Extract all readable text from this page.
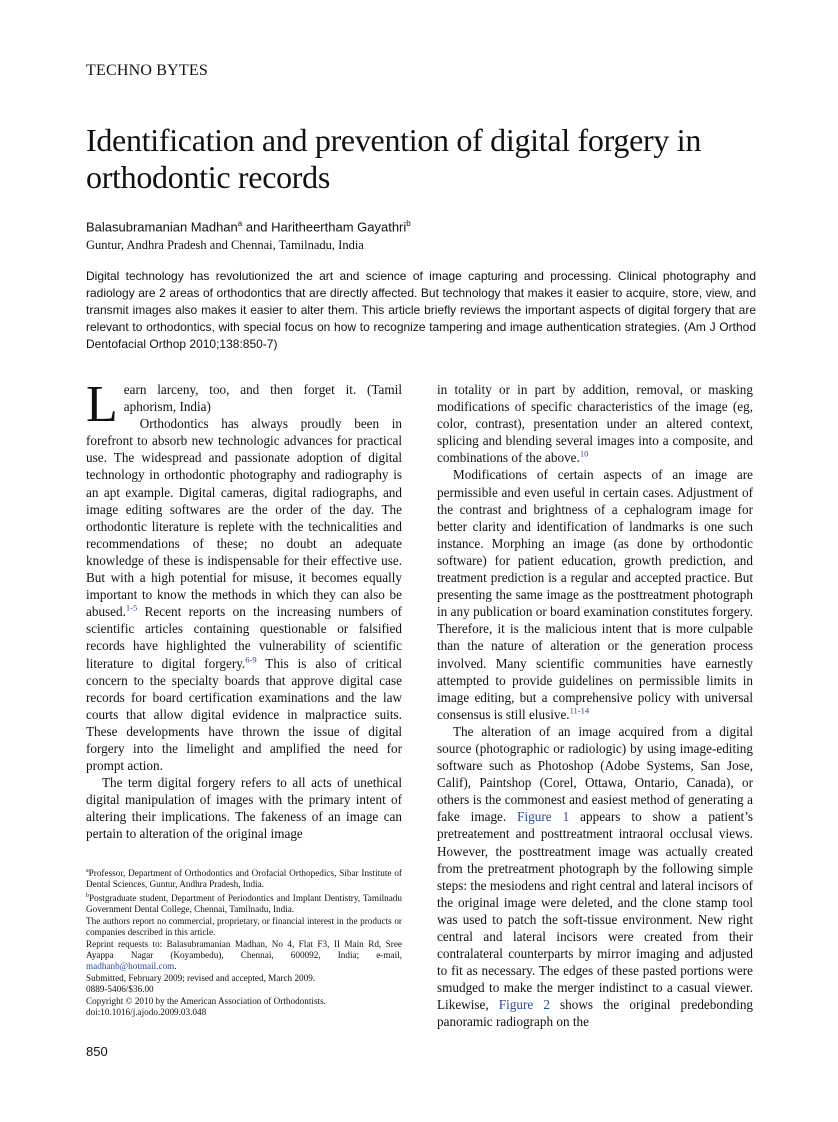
TECHNO BYTES
Identification and prevention of digital forgery in orthodontic records
Balasubramanian Madhan$^a$ and Haritheertham Gayathri$^b$
Guntur, Andhra Pradesh and Chennai, Tamilnadu, India

Digital technology has revolutionized the art and science of image capturing and processing. Clinical photography and radiology are 2 areas of orthodontics that are directly affected. But technology that makes it easier to acquire, store, view, and transmit images also makes it easier to alter them. This article briefly reviews the important aspects of digital forgery that are relevant to orthodontics, with special focus on how to recognize tampering and image authentication strategies. (Am J Orthod Dentofacial Orthop 2010;138:850-7)

Learn larceny, too, and then forget it. (Tamil aphorism, India)

Orthodontics has always proudly been in forefront to absorb new technologic advances for practical use. The widespread and passionate adoption of digital technology in orthodontic photography and radiography is an apt example. Digital cameras, digital radiographs, and image editing softwares are the order of the day. The orthodontic literature is replete with the technicalities and recommendations of these; no doubt an adequate knowledge of these is indispensable for their effective use. But with a high potential for misuse, it becomes equally important to know the methods in which they can also be abused.$^{1-5}$ Recent reports on the increasing numbers of scientific articles containing questionable or falsified records have highlighted the vulnerability of scientific literature to digital forgery.$^{6-9}$ This is also of critical concern to the specialty boards that approve digital case records for board certification examinations and the law courts that allow digital evidence in malpractice suits. These developments have thrown the issue of digital forgery into the limelight and amplified the need for prompt action.

The term digital forgery refers to all acts of unethical digital manipulation of images with the primary intent of altering their implications. The fakeness of an image can pertain to alteration of the original image

in totality or in part by addition, removal, or masking modifications of specific characteristics of the image (eg, color, contrast), presentation under an altered context, splicing and blending several images into a composite, and combinations of the above.$^{10}$

Modifications of certain aspects of an image are permissible and even useful in certain cases. Adjustment of the contrast and brightness of a cephalogram image for better clarity and identification of landmarks is one such instance. Morphing an image (as done by orthodontic software) for patient education, growth prediction, and treatment prediction is a regular and accepted practice. But presenting the same image as the posttreatment photograph in any publication or board examination constitutes forgery. Therefore, it is the malicious intent that is more culpable than the nature of alteration or the generation process involved. Many scientific communities have earnestly attempted to provide guidelines on permissible limits in image editing, but a comprehensive policy with universal consensus is still elusive.$^{11-14}$

The alteration of an image acquired from a digital source (photographic or radiologic) by using image-editing software such as Photoshop (Adobe Systems, San Jose, Calif), Paintshop (Corel, Ottawa, Ontario, Canada), or others is the commonest and easiest method of generating a fake image. Figure 1 appears to show a patient’s pretreatement and posttreatment intraoral occlusal views. However, the posttreatment image was actually created from the pretreatment photograph by the following simple steps: the mesiodens and right central and lateral incisors of the original image were deleted, and the clone stamp tool was used to patch the soft-tissue environment. New right central and lateral incisors were created from their contralateral counterparts by mirror imaging and adjusted to fit as necessary. The edges of these pasted portions were smudged to make the merger indistinct to a casual viewer. Likewise, Figure 2 shows the original predebonding panoramic radiograph on the

$^a$Professor, Department of Orthodontics and Orofacial Orthopedics, Sibar Institute of Dental Sciences, Guntur, Andhra Pradesh, India.

$^b$Postgraduate student, Department of Periodontics and Implant Dentistry, Tamilnadu Government Dental College, Chennai, Tamilnadu, India.

The authors report no commercial, proprietary, or financial interest in the products or companies described in this article.

Reprint requests to: Balasubramanian Madhan, No 4, Flat F3, II Main Rd, Sree Ayappa Nagar (Koyambedu), Chennai, 600092, India; e-mail, madhanb@hotmail.com.

Submitted, February 2009; revised and accepted, March 2009.

0889-5406/$36.00

Copyright © 2010 by the American Association of Orthodontists.

doi:10.1016/j.ajodo.2009.03.048

850
